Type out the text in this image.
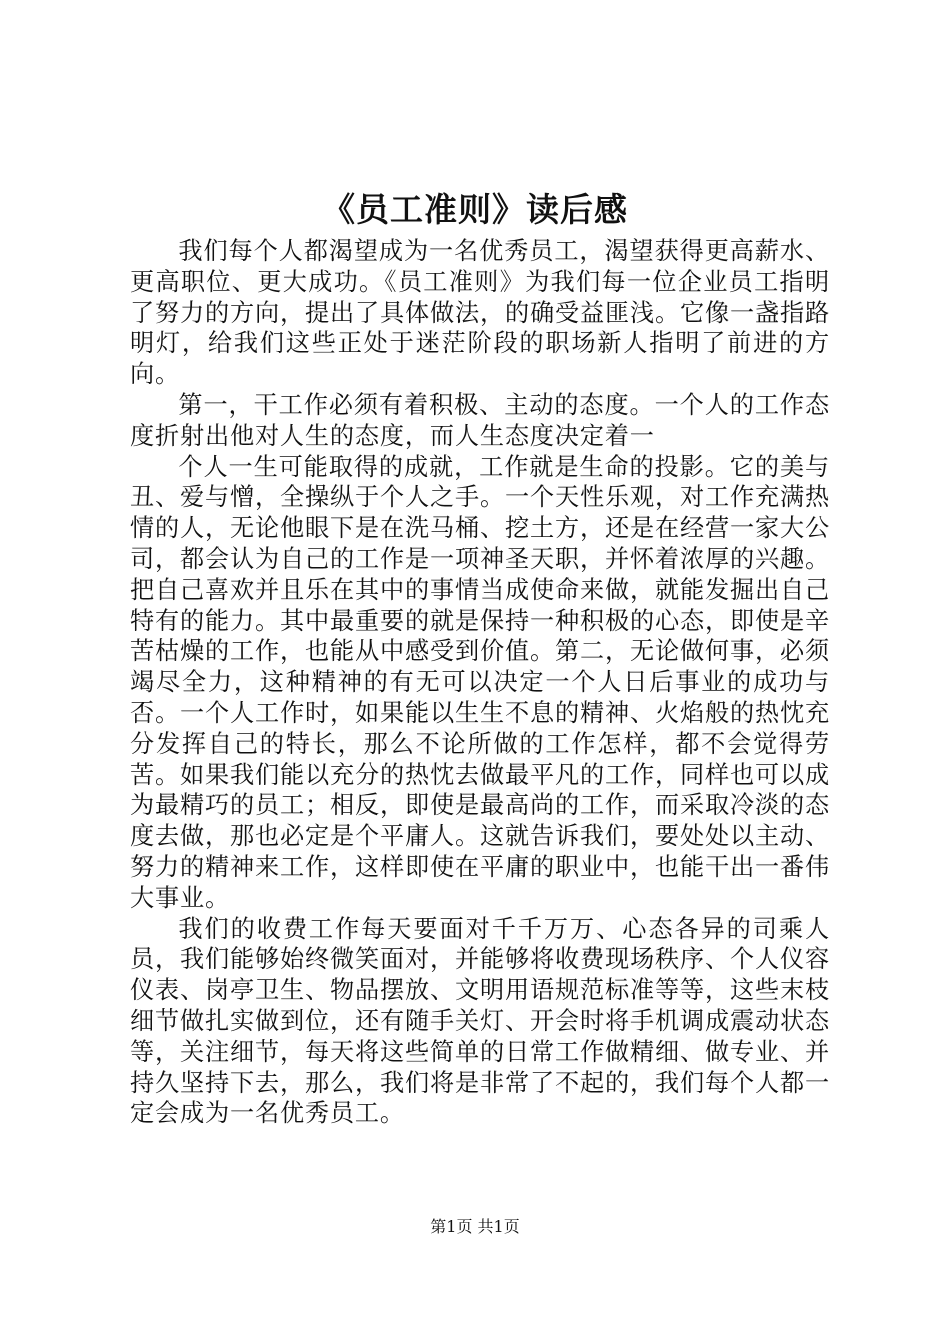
《员工准则》读后感

我们每个人都渴望成为一名优秀员工，渴望获得更高薪水、更高职位、更大成功。《员工准则》为我们每一位企业员工指明了努力的方向，提出了具体做法，的确受益匪浅。它像一盏指路明灯，给我们这些正处于迷茫阶段的职场新人指明了前进的方向。

第一，干工作必须有着积极、主动的态度。一个人的工作态度折射出他对人生的态度，而人生态度决定着一

个人一生可能取得的成就，工作就是生命的投影。它的美与丑、爱与憎，全操纵于个人之手。一个天性乐观，对工作充满热情的人，无论他眼下是在洗马桶、挖土方，还是在经营一家大公司，都会认为自己的工作是一项神圣天职，并怀着浓厚的兴趣。把自己喜欢并且乐在其中的事情当成使命来做，就能发掘出自己特有的能力。其中最重要的就是保持一种积极的心态，即使是辛苦枯燥的工作，也能从中感受到价值。第二，无论做何事，必须竭尽全力，这种精神的有无可以决定一个人日后事业的成功与否。一个人工作时，如果能以生生不息的精神、火焰般的热忱充分发挥自己的特长，那么不论所做的工作怎样，都不会觉得劳苦。如果我们能以充分的热忱去做最平凡的工作，同样也可以成为最精巧的员工；相反，即使是最高尚的工作，而采取冷淡的态度去做，那也必定是个平庸人。这就告诉我们，要处处以主动、努力的精神来工作，这样即使在平庸的职业中，也能干出一番伟大事业。

我们的收费工作每天要面对千千万万、心态各异的司乘人员，我们能够始终微笑面对，并能够将收费现场秩序、个人仪容仪表、岗亭卫生、物品摆放、文明用语规范标准等等，这些末枝细节做扎实做到位，还有随手关灯、开会时将手机调成震动状态等，关注细节，每天将这些简单的日常工作做精细、做专业、并持久坚持下去，那么，我们将是非常了不起的，我们每个人都一定会成为一名优秀员工。

第1页 共1页
